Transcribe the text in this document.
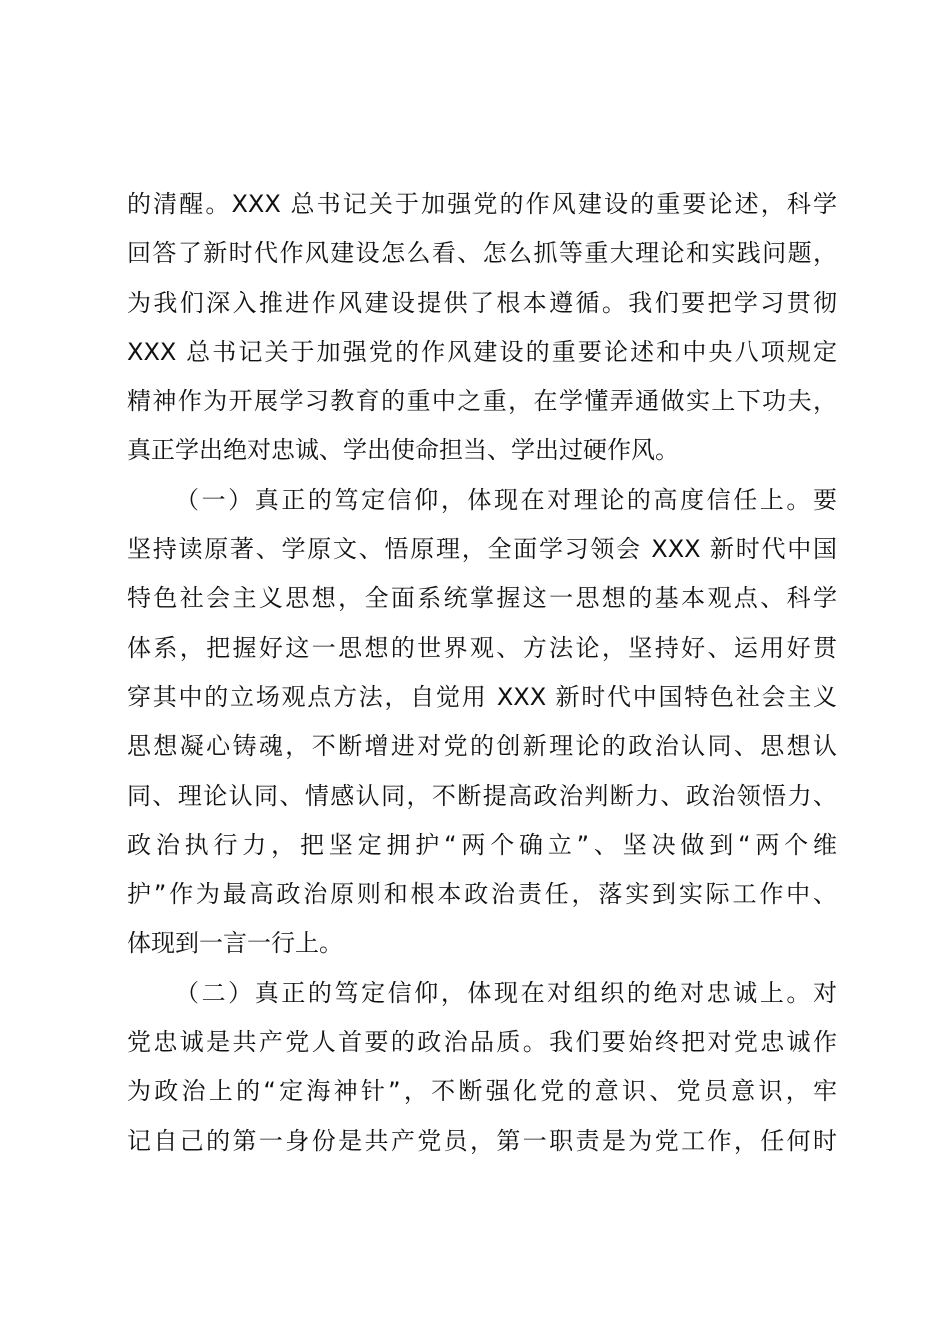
的清醒。XXX 总书记关于加强党的作风建设的重要论述，科学
回答了新时代作风建设怎么看、怎么抓等重大理论和实践问题，
为我们深入推进作风建设提供了根本遵循。我们要把学习贯彻
XXX 总书记关于加强党的作风建设的重要论述和中央八项规定
精神作为开展学习教育的重中之重，在学懂弄通做实上下功夫，
真正学出绝对忠诚、学出使命担当、学出过硬作风。
（一）真正的笃定信仰，体现在对理论的高度信任上。要
坚持读原著、学原文、悟原理，全面学习领会 XXX 新时代中国
特色社会主义思想，全面系统掌握这一思想的基本观点、科学
体系，把握好这一思想的世界观、方法论，坚持好、运用好贯
穿其中的立场观点方法，自觉用 XXX 新时代中国特色社会主义
思想凝心铸魂，不断增进对党的创新理论的政治认同、思想认
同、理论认同、情感认同，不断提高政治判断力、政治领悟力、
政治执行力，把坚定拥护“两个确立”、坚决做到“两个维
护”作为最高政治原则和根本政治责任，落实到实际工作中、
体现到一言一行上。
（二）真正的笃定信仰，体现在对组织的绝对忠诚上。对
党忠诚是共产党人首要的政治品质。我们要始终把对党忠诚作
为政治上的“定海神针”，不断强化党的意识、党员意识，牢
记自己的第一身份是共产党员，第一职责是为党工作，任何时
